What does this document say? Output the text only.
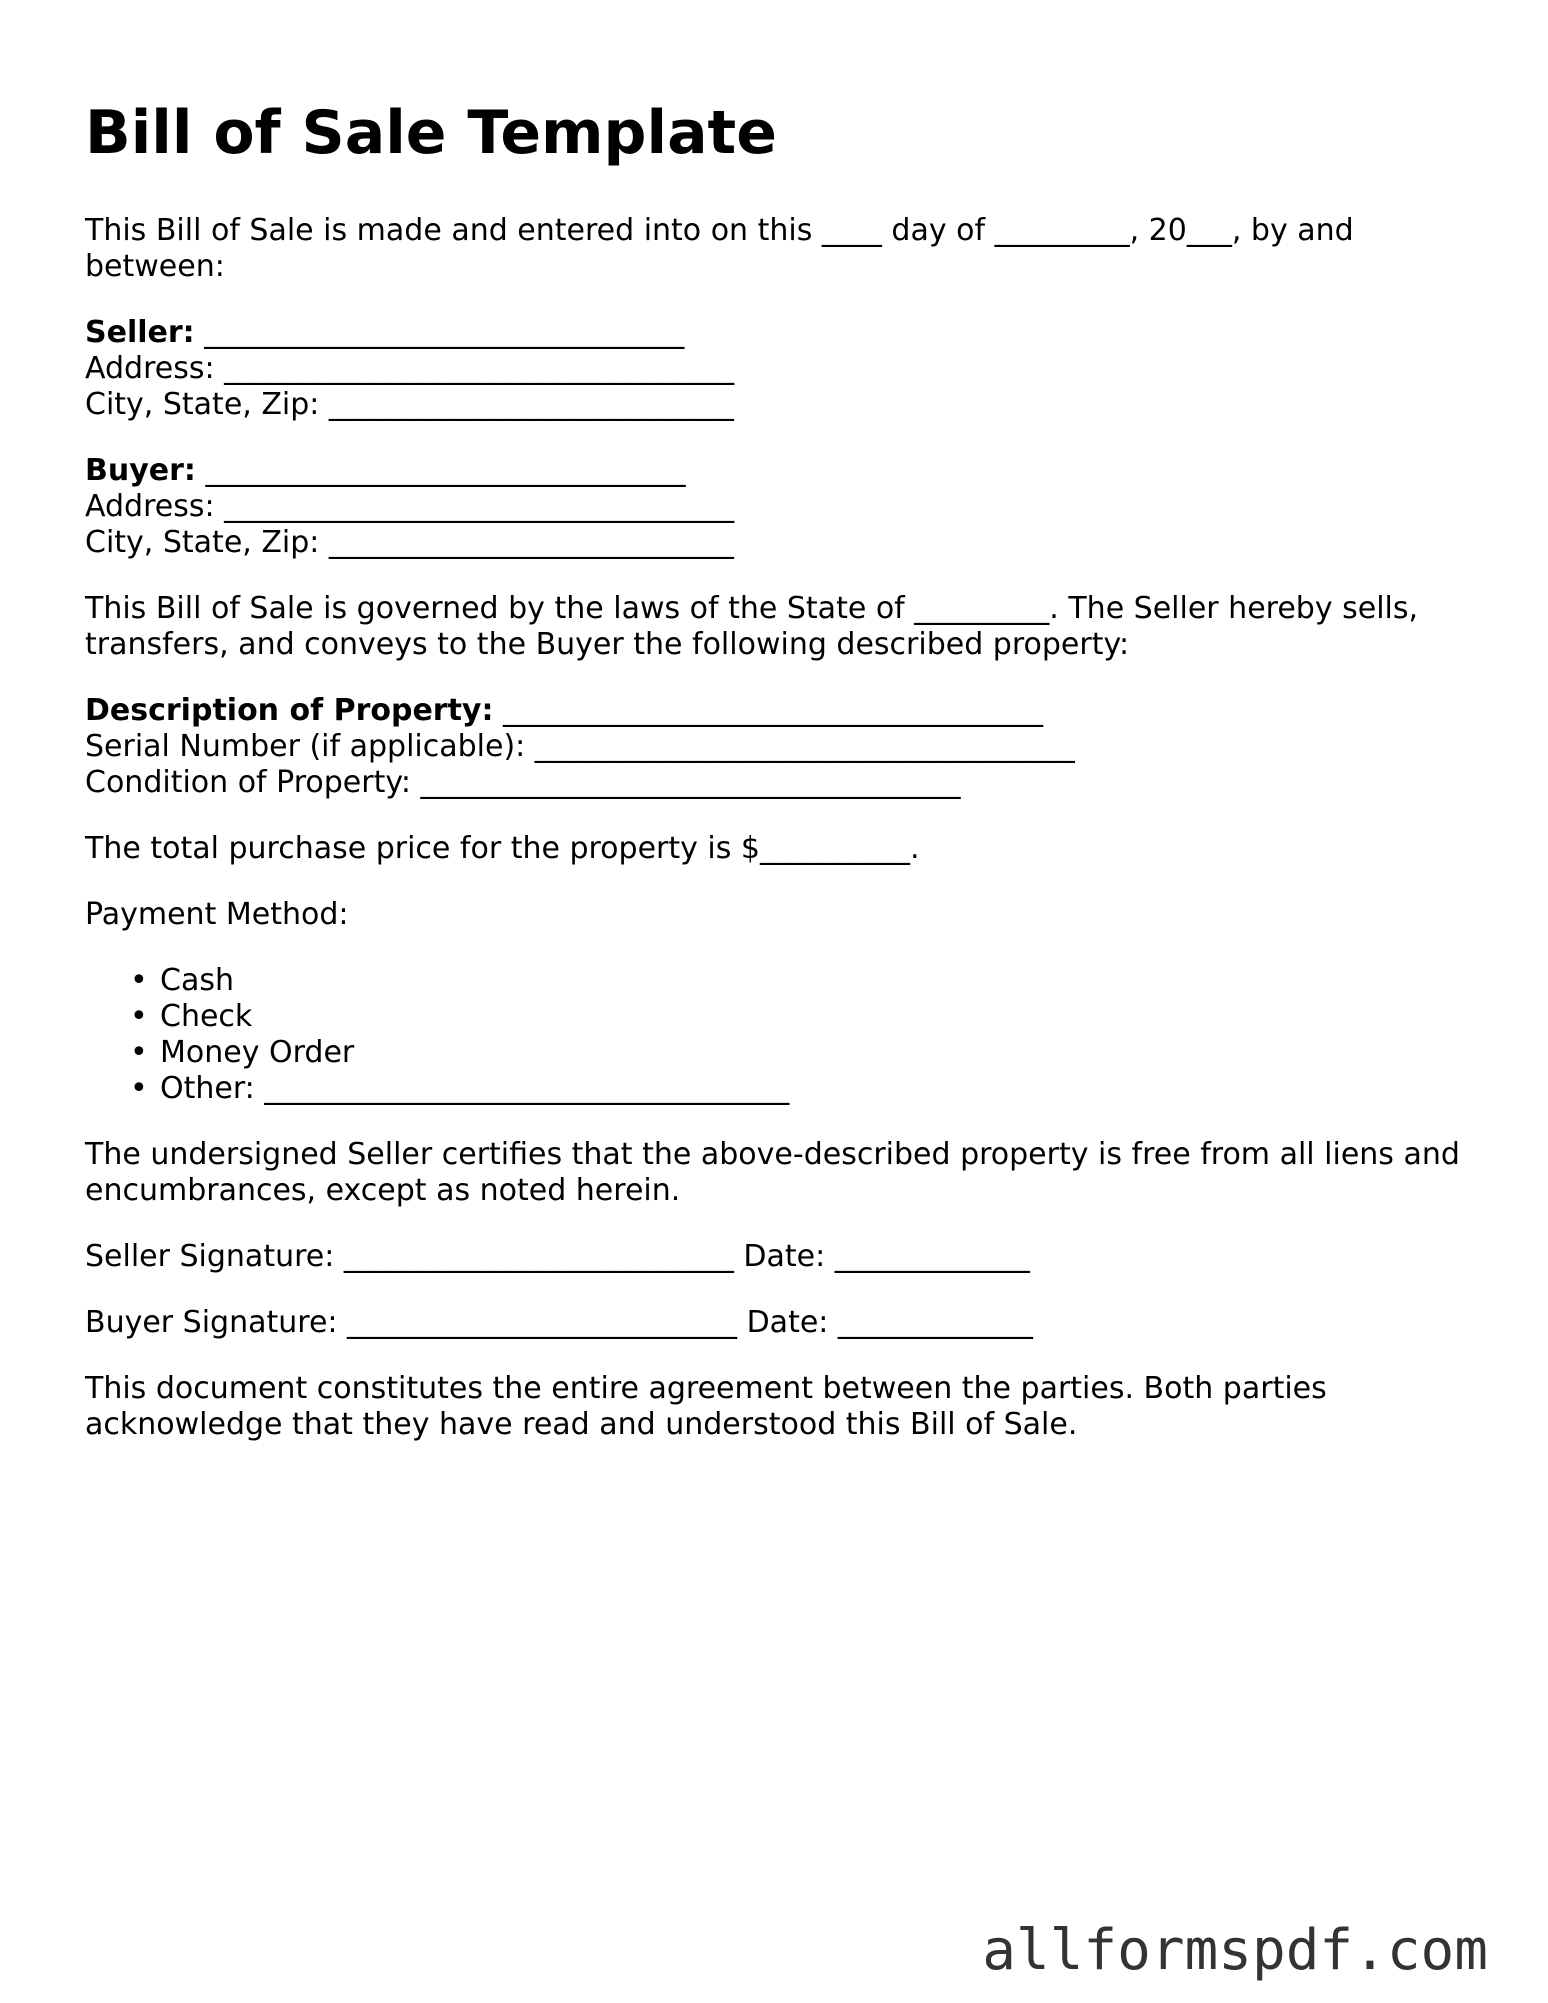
Bill of Sale Template

This Bill of Sale is made and entered into on this ____ day of _________, 20___, by and between:

Seller: ________________________________
Address: __________________________________
City, State, Zip: ___________________________
Buyer: ________________________________
Address: __________________________________
City, State, Zip: ___________________________

This Bill of Sale is governed by the laws of the State of _________. The Seller hereby sells, transfers, and conveys to the Buyer the following described property:

Description of Property: ____________________________________
Serial Number (if applicable): ____________________________________
Condition of Property: ____________________________________

The total purchase price for the property is $__________.

Payment Method:

• Cash
• Check
• Money Order
• Other: ___________________________________

The undersigned Seller certifies that the above-described property is free from all liens and encumbrances, except as noted herein.

Seller Signature: __________________________ Date: _____________

Buyer Signature: __________________________ Date: _____________

This document constitutes the entire agreement between the parties. Both parties acknowledge that they have read and understood this Bill of Sale.

allformspdf.com
